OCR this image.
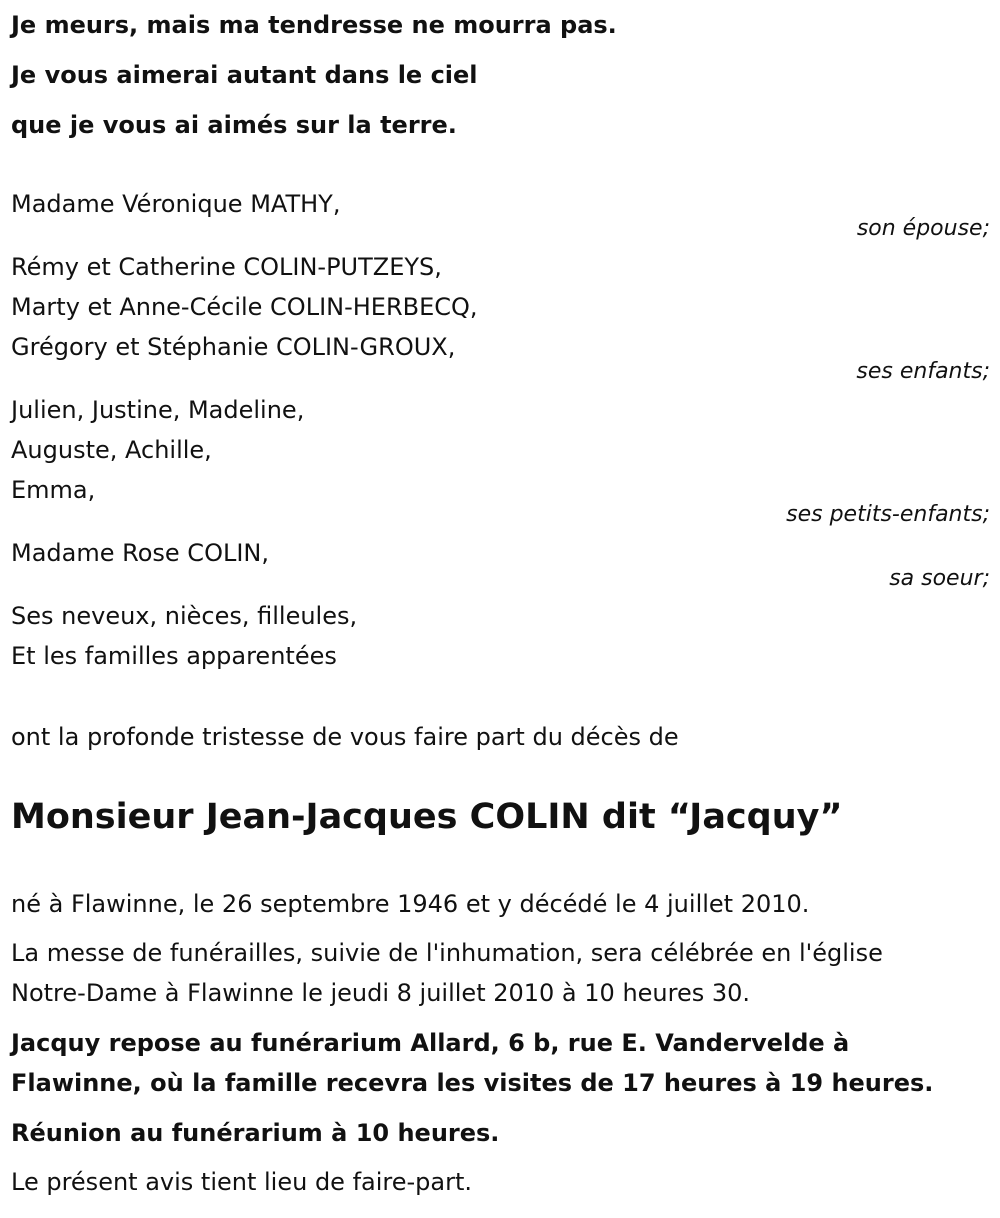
Je meurs, mais ma tendresse ne mourra pas.
Je vous aimerai autant dans le ciel
que je vous ai aimés sur la terre.
Madame Véronique MATHY,
son épouse;
Rémy et Catherine COLIN-PUTZEYS,
Marty et Anne-Cécile COLIN-HERBECQ,
Grégory et Stéphanie COLIN-GROUX,
ses enfants;
Julien, Justine, Madeline,
Auguste, Achille,
Emma,
ses petits-enfants;
Madame Rose COLIN,
sa soeur;
Ses neveux, nièces, filleules,
Et les familles apparentées
ont la profonde tristesse de vous faire part du décès de
Monsieur Jean-Jacques COLIN dit “Jacquy”
né à Flawinne, le 26 septembre 1946 et y décédé le 4 juillet 2010.
La messe de funérailles, suivie de l'inhumation, sera célébrée en l'église
Notre-Dame à Flawinne le jeudi 8 juillet 2010 à 10 heures 30.
Jacquy repose au funérarium Allard, 6 b, rue E. Vandervelde à
Flawinne, où la famille recevra les visites de 17 heures à 19 heures.
Réunion au funérarium à 10 heures.
Le présent avis tient lieu de faire-part.
